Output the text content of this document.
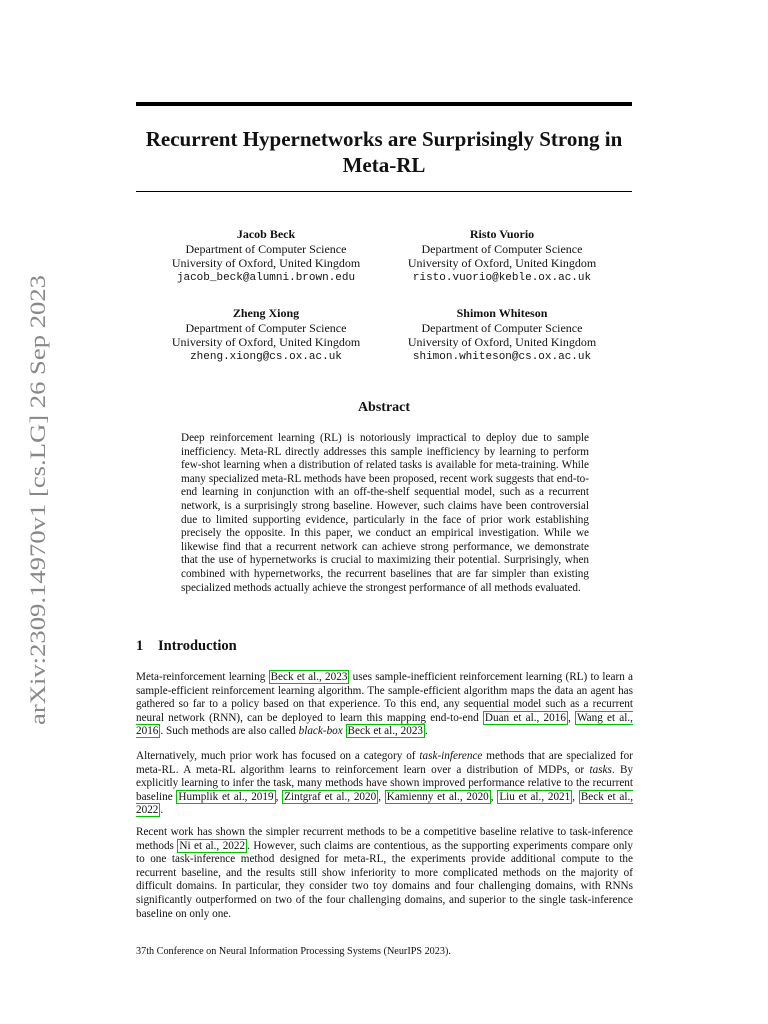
arXiv:2309.14970v1 [cs.LG] 26 Sep 2023
Recurrent Hypernetworks are Surprisingly Strong in
Meta-RL
Jacob Beck
Department of Computer Science
University of Oxford, United Kingdom
jacob_beck@alumni.brown.edu
Risto Vuorio
Department of Computer Science
University of Oxford, United Kingdom
risto.vuorio@keble.ox.ac.uk
Zheng Xiong
Department of Computer Science
University of Oxford, United Kingdom
zheng.xiong@cs.ox.ac.uk
Shimon Whiteson
Department of Computer Science
University of Oxford, United Kingdom
shimon.whiteson@cs.ox.ac.uk
Abstract
Deep reinforcement learning (RL) is notoriously impractical to deploy due to sample inefficiency. Meta-RL directly addresses this sample inefficiency by learning to perform few-shot learning when a distribution of related tasks is available for meta-training. While many specialized meta-RL methods have been proposed, recent work suggests that end-to-end learning in conjunction with an off-the-shelf sequential model, such as a recurrent network, is a surprisingly strong baseline. However, such claims have been controversial due to limited supporting evidence, particularly in the face of prior work establishing precisely the opposite. In this paper, we conduct an empirical investigation. While we likewise find that a recurrent network can achieve strong performance, we demonstrate that the use of hypernetworks is crucial to maximizing their potential. Surprisingly, when combined with hypernetworks, the recurrent baselines that are far simpler than existing specialized methods actually achieve the strongest performance of all methods evaluated.
1 Introduction
Meta-reinforcement learning Beck et al., 2023 uses sample-inefficient reinforcement learning (RL) to learn a sample-efficient reinforcement learning algorithm. The sample-efficient algorithm maps the data an agent has gathered so far to a policy based on that experience. To this end, any sequential model such as a recurrent neural network (RNN), can be deployed to learn this mapping end-to-end Duan et al., 2016 , Wang et al., 2016 . Such methods are also called black-box Beck et al., 2023 .
Alternatively, much prior work has focused on a category of task-inference methods that are specialized for meta-RL. A meta-RL algorithm learns to reinforcement learn over a distribution of MDPs, or tasks. By explicitly learning to infer the task, many methods have shown improved performance relative to the recurrent baseline Humplik et al., 2019 , Zintgraf et al., 2020 , Kamienny et al., 2020 , Liu et al., 2021 , Beck et al., 2022 .
Recent work has shown the simpler recurrent methods to be a competitive baseline relative to task-inference methods Ni et al., 2022 . However, such claims are contentious, as the supporting experiments compare only to one task-inference method designed for meta-RL, the experiments provide additional compute to the recurrent baseline, and the results still show inferiority to more complicated methods on the majority of difficult domains. In particular, they consider two toy domains and four challenging domains, with RNNs significantly outperformed on two of the four challenging domains, and superior to the single task-inference baseline on only one.
37th Conference on Neural Information Processing Systems (NeurIPS 2023).
